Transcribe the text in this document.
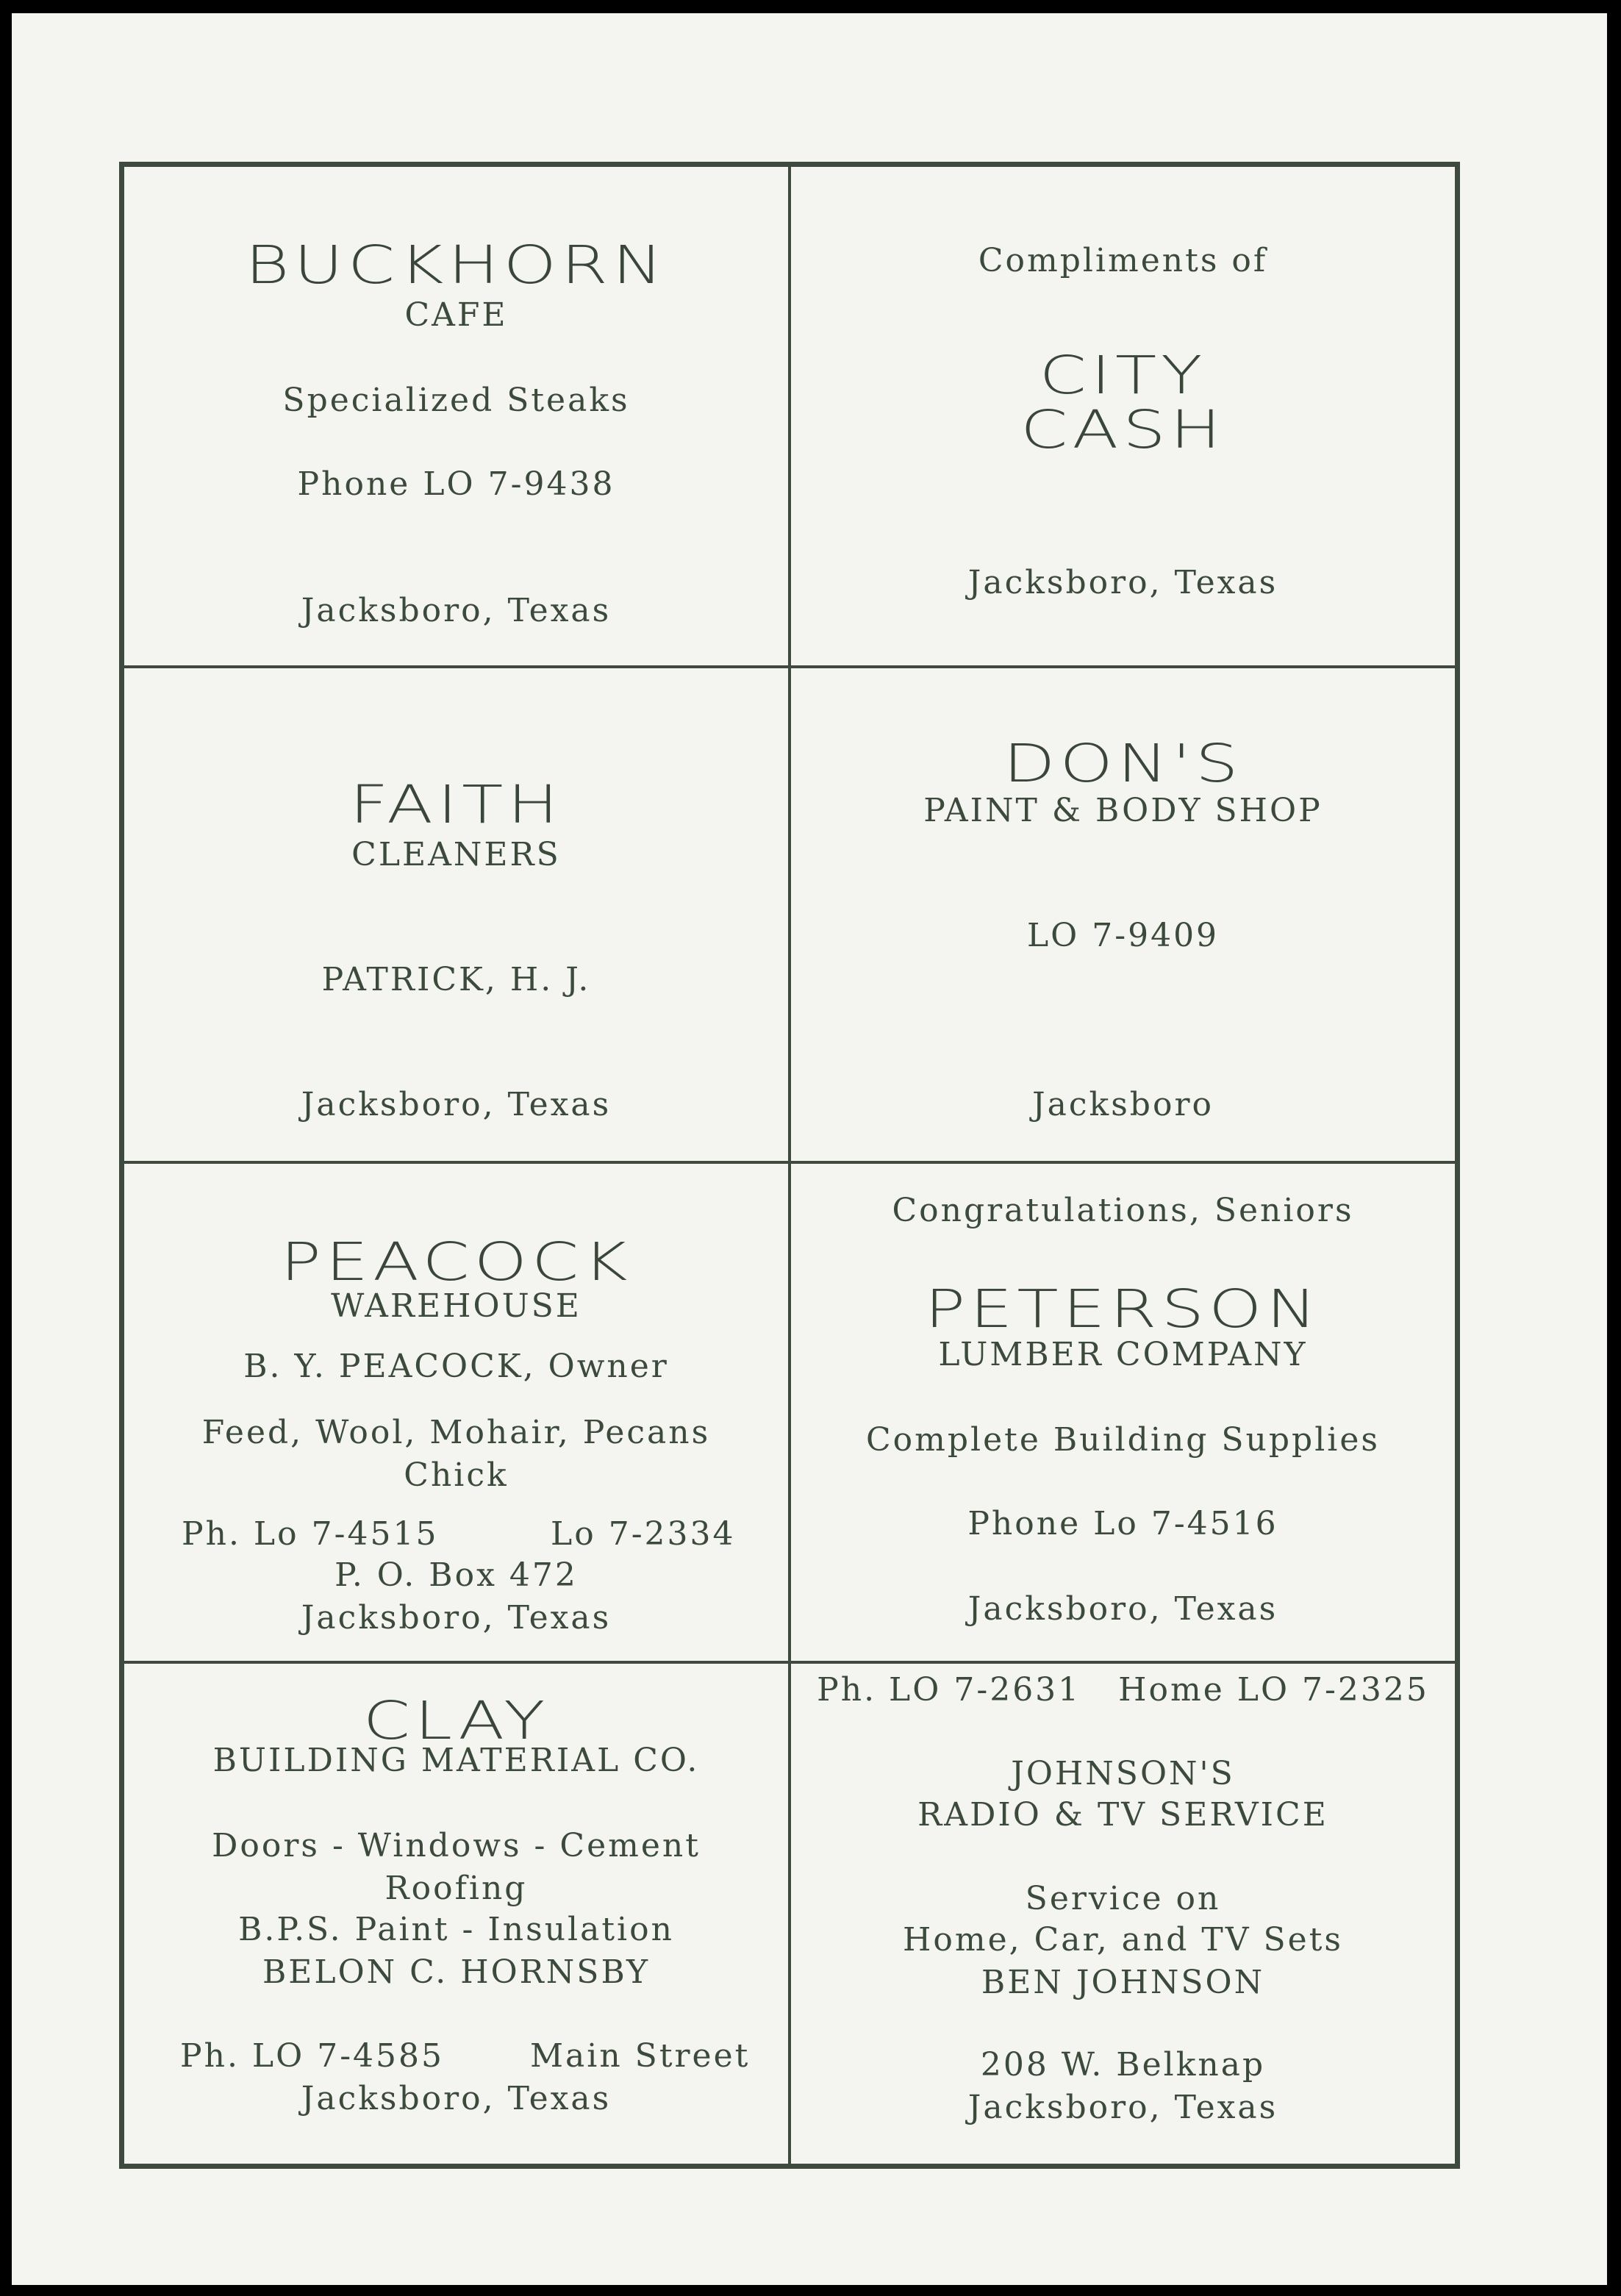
BUCKHORN
CAFE
Specialized Steaks
Phone LO 7-9438
Jacksboro, Texas
Compliments of
CITY
CASH
Jacksboro, Texas
FAITH
CLEANERS
PATRICK, H. J.
Jacksboro, Texas
DON'S
PAINT & BODY SHOP
LO 7-9409
Jacksboro
PEACOCK
WAREHOUSE
B. Y. PEACOCK, Owner
Feed, Wool, Mohair, Pecans
Chick
Ph. Lo 7-4515	Lo 7-2334
P. O. Box 472
Jacksboro, Texas
Congratulations, Seniors
PETERSON
LUMBER COMPANY
Complete Building Supplies
Phone Lo 7-4516
Jacksboro, Texas
CLAY
BUILDING MATERIAL CO.
Doors - Windows - Cement
Roofing
B.P.S. Paint - Insulation
BELON C. HORNSBY
Ph. LO 7-4585	Main Street
Jacksboro, Texas
Ph. LO 7-2631   Home LO 7-2325
JOHNSON'S
RADIO & TV SERVICE
Service on
Home, Car, and TV Sets
BEN JOHNSON
208 W. Belknap
Jacksboro, Texas
